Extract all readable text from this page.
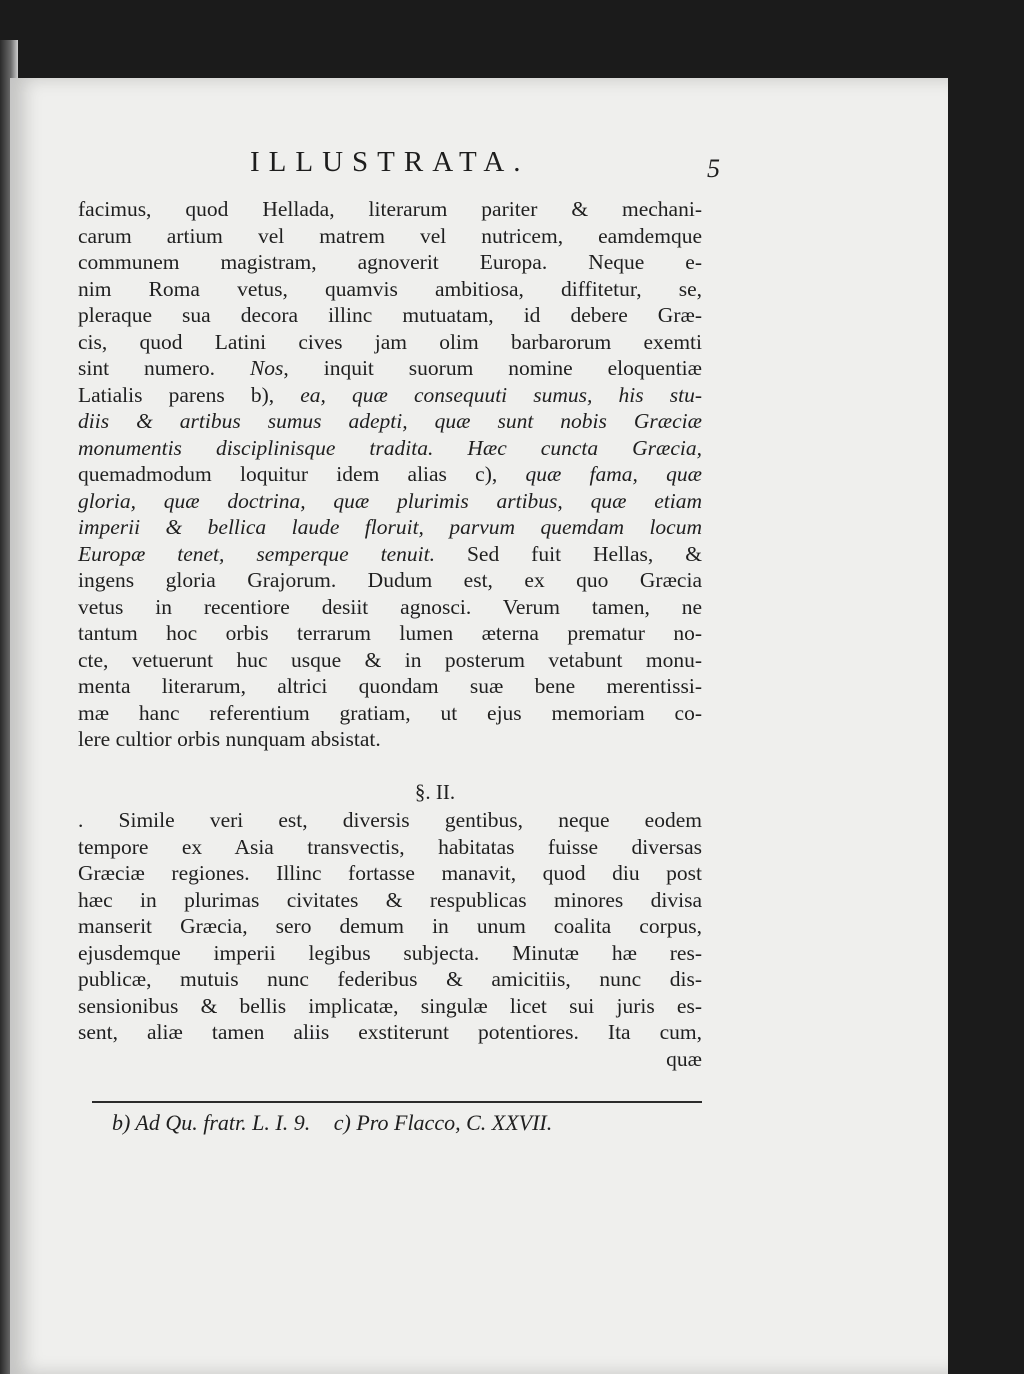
ILLUSTRATA.	5
facimus, quod Hellada, literarum pariter & mechani-
carum artium vel matrem vel nutricem, eamdemque
communem magistram, agnoverit Europa. Neque e-
nim Roma vetus, quamvis ambitiosa, diffitetur, se,
pleraque sua decora illinc mutuatam, id debere Græ-
cis, quod Latini cives jam olim barbarorum exemti
sint numero. Nos, inquit suorum nomine eloquentiæ
Latialis parens b), ea, quæ consequuti sumus, his stu-
diis & artibus sumus adepti, quæ sunt nobis Græciæ
monumentis disciplinisque tradita. Hæc cuncta Græcia,
quemadmodum loquitur idem alias c), quæ fama, quæ
gloria, quæ doctrina, quæ plurimis artibus, quæ etiam
imperii & bellica laude floruit, parvum quemdam locum
Europæ tenet, semperque tenuit. Sed fuit Hellas, &
ingens gloria Grajorum. Dudum est, ex quo Græcia
vetus in recentiore desiit agnosci. Verum tamen, ne
tantum hoc orbis terrarum lumen æterna prematur no-
cte, vetuerunt huc usque & in posterum vetabunt monu-
menta literarum, altrici quondam suæ bene merentissi-
mæ hanc referentium gratiam, ut ejus memoriam co-
lere cultior orbis nunquam absistat.
§. II.
. Simile veri est, diversis gentibus, neque eodem
tempore ex Asia transvectis, habitatas fuisse diversas
Græciæ regiones. Illinc fortasse manavit, quod diu post
hæc in plurimas civitates & respublicas minores divisa
manserit Græcia, sero demum in unum coalita corpus,
ejusdemque imperii legibus subjecta. Minutæ hæ res-
publicæ, mutuis nunc federibus & amicitiis, nunc dis-
sensionibus & bellis implicatæ, singulæ licet sui juris es-
sent, aliæ tamen aliis exstiterunt potentiores. Ita cum,
quæ
b) Ad Qu. fratr. L. I. 9. c) Pro Flacco, C. XXVII.
